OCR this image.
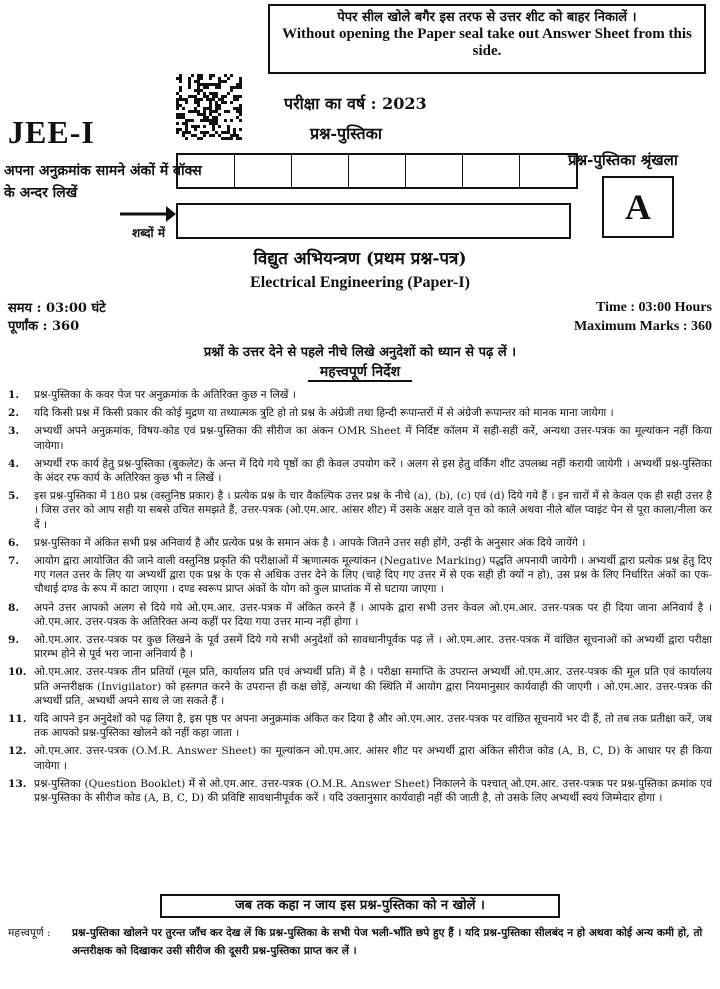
पेपर सील खोले बगैर इस तरफ से उत्तर शीट को बाहर निकालें ।
Without opening the Paper seal take out Answer Sheet from this side.
JEE-I
परीक्षा का वर्ष : 2023
प्रश्न-पुस्तिका
अपना अनुक्रमांक सामने अंकों में बॉक्स के अन्दर लिखें
शब्दों में
प्रश्न-पुस्तिका श्रृंखला
A
विद्युत अभियन्त्रण (प्रथम प्रश्न-पत्र)
Electrical Engineering (Paper-I)
समय : 03:00 घंटे
पूर्णांक : 360
Time : 03:00 Hours
Maximum Marks : 360
प्रश्नों के उत्तर देने से पहले नीचे लिखे अनुदेशों को ध्यान से पढ़ लें ।
महत्त्वपूर्ण निर्देश
1.	प्रश्न-पुस्तिका के कवर पेज पर अनुक्रमांक के अतिरिक्त कुछ न लिखें ।
2.	यदि किसी प्रश्न में किसी प्रकार की कोई मुद्रण या तथ्यात्मक त्रुटि हो तो प्रश्न के अंग्रेजी तथा हिन्दी रूपान्तरों में से अंग्रेजी रूपान्तर को मानक माना जायेगा ।
3.	अभ्यर्थी अपने अनुक्रमांक, विषय-कोड एवं प्रश्न-पुस्तिका की सीरीज का अंकन OMR Sheet में निर्दिष्ट कॉलम में सही-सही करें, अन्यथा उत्तर-पत्रक का मूल्यांकन नहीं किया जायेगा।
4.	अभ्यर्थी रफ कार्य हेतु प्रश्न-पुस्तिका (बुकलेट) के अन्त में दिये गये पृष्ठों का ही केवल उपयोग करें । अलग से इस हेतु वर्किंग शीट उपलब्ध नहीं करायी जायेगी । अभ्यर्थी प्रश्न-पुस्तिका के अंदर रफ कार्य के अतिरिक्त कुछ भी न लिखें ।
5.	इस प्रश्न-पुस्तिका में 180 प्रश्न (वस्तुनिष्ठ प्रकार) है । प्रत्येक प्रश्न के चार वैकल्पिक उत्तर प्रश्न के नीचे (a), (b), (c) एवं (d) दिये गये हैं । इन चारों में से केवल एक ही सही उत्तर है । जिस उत्तर को आप सही या सबसे उचित समझते हैं, उत्तर-पत्रक (ओ.एम.आर. आंसर शीट) में उसके अक्षर वाले वृत्त को काले अथवा नीले बॉल प्वाइंट पेन से पूरा काला/नीला कर दें ।
6.	प्रश्न-पुस्तिका में अंकित सभी प्रश्न अनिवार्य है और प्रत्येक प्रश्न के समान अंक है । आपके जितने उत्तर सही होंगे, उन्हीं के अनुसार अंक दिये जायेंगे ।
7.	आयोग द्वारा आयोजित की जाने वाली वस्तुनिष्ठ प्रकृति की परीक्षाओं में ऋणात्मक मूल्यांकन (Negative Marking) पद्धति अपनायी जायेगी । अभ्यर्थी द्वारा प्रत्येक प्रश्न हेतु दिए गए गलत उत्तर के लिए या अभ्यर्थी द्वारा एक प्रश्न के एक से अधिक उत्तर देने के लिए (चाहे दिए गए उत्तर में से एक सही ही क्यों न हो), उस प्रश्न के लिए निर्धारित अंकों का एक-चौथाई दण्ड के रूप में काटा जाएगा । दण्ड स्वरूप प्राप्त अंकों के योग को कुल प्राप्तांक में से घटाया जाएगा ।
8.	अपने उत्तर आपको अलग से दिये गये ओ.एम.आर. उत्तर-पत्रक में अंकित करने हैं । आपके द्वारा सभी उत्तर केवल ओ.एम.आर. उत्तर-पत्रक पर ही दिया जाना अनिवार्य है । ओ.एम.आर. उत्तर-पत्रक के अतिरिक्त अन्य कहीं पर दिया गया उत्तर मान्य नहीं होगा ।
9.	ओ.एम.आर. उत्तर-पत्रक पर कुछ लिखने के पूर्व उसमें दिये गये सभी अनुदेशों को सावधानीपूर्वक पढ़ लें । ओ.एम.आर. उत्तर-पत्रक में वांछित सूचनाओं को अभ्यर्थी द्वारा परीक्षा प्रारम्भ होने से पूर्व भरा जाना अनिवार्य है ।
10. ओ.एम.आर. उत्तर-पत्रक तीन प्रतियों (मूल प्रति, कार्यालय प्रति एवं अभ्यर्थी प्रति) में है । परीक्षा समाप्ति के उपरान्त अभ्यर्थी ओ.एम.आर. उत्तर-पत्रक की मूल प्रति एवं कार्यालय प्रति अन्तरीक्षक (Invigilator) को हस्तगत करने के उपरान्त ही कक्ष छोड़ें, अन्यथा की स्थिति में आयोग द्वारा नियमानुसार कार्यवाही की जाएगी । ओ.एम.आर. उत्तर-पत्रक की अभ्यर्थी प्रति, अभ्यर्थी अपने साथ ले जा सकते हैं ।
11. यदि आपने इन अनुदेशों को पढ़ लिया है, इस पृष्ठ पर अपना अनुक्रमांक अंकित कर दिया है और ओ.एम.आर. उत्तर-पत्रक पर वांछित सूचनायें भर दी हैं, तो तब तक प्रतीक्षा करें, जब तक आपको प्रश्न-पुस्तिका खोलने को नहीं कहा जाता ।
12. ओ.एम.आर. उत्तर-पत्रक (O.M.R. Answer Sheet) का मूल्यांकन ओ.एम.आर. आंसर शीट पर अभ्यर्थी द्वारा अंकित सीरीज कोड (A, B, C, D) के आधार पर ही किया जायेगा ।
13. प्रश्न-पुस्तिका (Question Booklet) में से ओ.एम.आर. उत्तर-पत्रक (O.M.R. Answer Sheet) निकालने के पश्चात् ओ.एम.आर. उत्तर-पत्रक पर प्रश्न-पुस्तिका क्रमांक एवं प्रश्न-पुस्तिका के सीरीज कोड (A, B, C, D) की प्रविष्टि सावधानीपूर्वक करें । यदि उक्तानुसार कार्यवाही नहीं की जाती है, तो उसके लिए अभ्यर्थी स्वयं जिम्मेदार होगा ।
जब तक कहा न जाय इस प्रश्न-पुस्तिका को न खोलें ।
महत्त्वपूर्ण :	प्रश्न-पुस्तिका खोलने पर तुरन्त जाँच कर देख लें कि प्रश्न-पुस्तिका के सभी पेज भली-भाँति छपे हुए हैं । यदि प्रश्न-पुस्तिका सीलबंद न हो अथवा कोई अन्य कमी हो, तो अन्तरीक्षक को दिखाकर उसी सीरीज की दूसरी प्रश्न-पुस्तिका प्राप्त कर लें ।
